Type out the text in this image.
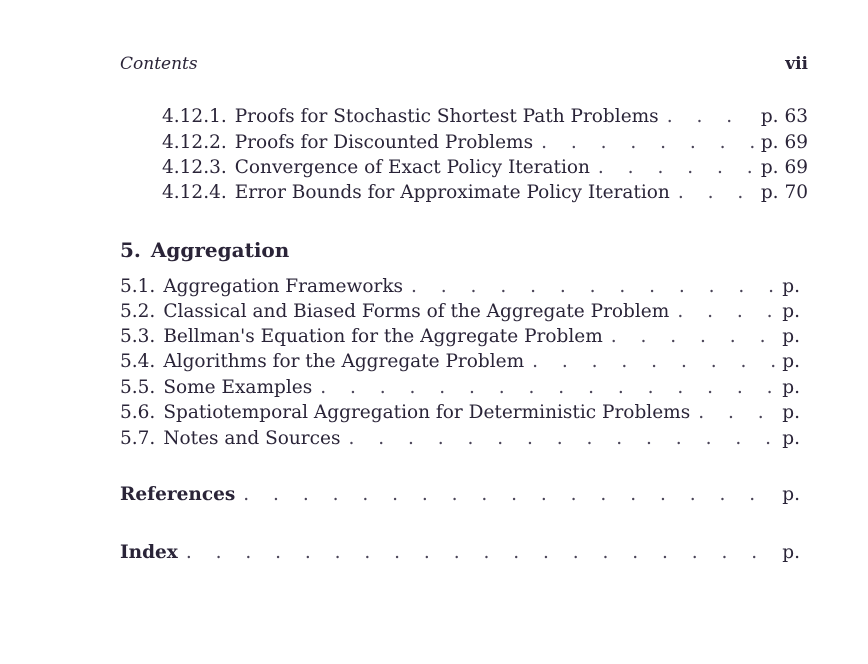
Contents	vii
4.12.1. Proofs for Stochastic Shortest Path Problems . . .	p. 63
4.12.2. Proofs for Discounted Problems . . .	p. 69
4.12.3. Convergence of Exact Policy Iteration . . .	p. 69
4.12.4. Error Bounds for Approximate Policy Iteration . . .	p. 70
5. Aggregation
5.1. Aggregation Frameworks . . .	p.
5.2. Classical and Biased Forms of the Aggregate Problem . . .	p.
5.3. Bellman's Equation for the Aggregate Problem . . .	p.
5.4. Algorithms for the Aggregate Problem . . .	p.
5.5. Some Examples . . .	p.
5.6. Spatiotemporal Aggregation for Deterministic Problems . . .	p.
5.7. Notes and Sources . . .	p.
References . . .	p.
Index . . .	p.
